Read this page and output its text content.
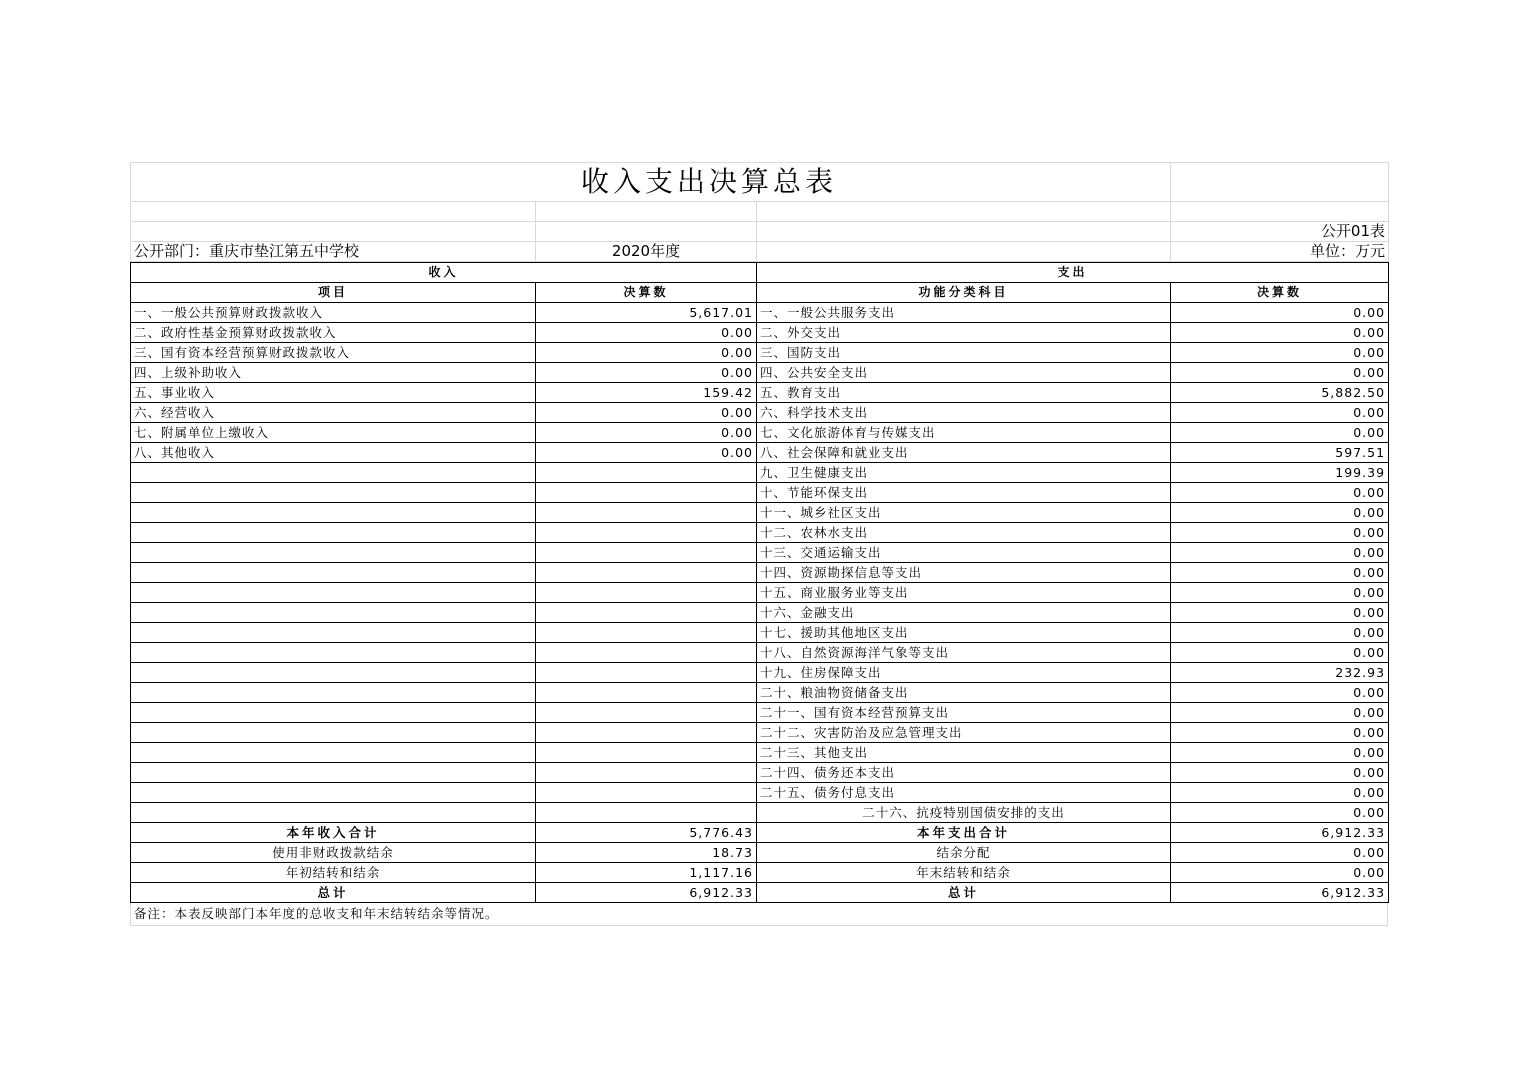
收入支出决算总表			

			公开01表
公开部门：重庆市垫江第五中学校	2020年度		单位：万元
收入		支出	
项目	决算数	功能分类科目	决算数
一、一般公共预算财政拨款收入	5,617.01	一、一般公共服务支出	0.00
二、政府性基金预算财政拨款收入	0.00	二、外交支出	0.00
三、国有资本经营预算财政拨款收入	0.00	三、国防支出	0.00
四、上级补助收入	0.00	四、公共安全支出	0.00
五、事业收入	159.42	五、教育支出	5,882.50
六、经营收入	0.00	六、科学技术支出	0.00
七、附属单位上缴收入	0.00	七、文化旅游体育与传媒支出	0.00
八、其他收入	0.00	八、社会保障和就业支出	597.51
		九、卫生健康支出	199.39
		十、节能环保支出	0.00
		十一、城乡社区支出	0.00
		十二、农林水支出	0.00
		十三、交通运输支出	0.00
		十四、资源勘探信息等支出	0.00
		十五、商业服务业等支出	0.00
		十六、金融支出	0.00
		十七、援助其他地区支出	0.00
		十八、自然资源海洋气象等支出	0.00
		十九、住房保障支出	232.93
		二十、粮油物资储备支出	0.00
		二十一、国有资本经营预算支出	0.00
		二十二、灾害防治及应急管理支出	0.00
		二十三、其他支出	0.00
		二十四、债务还本支出	0.00
		二十五、债务付息支出	0.00
		二十六、抗疫特别国债安排的支出	0.00
本年收入合计	5,776.43	本年支出合计	6,912.33
使用非财政拨款结余	18.73	结余分配	0.00
年初结转和结余	1,117.16	年末结转和结余	0.00
总计	6,912.33	总计	6,912.33
备注：本表反映部门本年度的总收支和年末结转结余等情况。
